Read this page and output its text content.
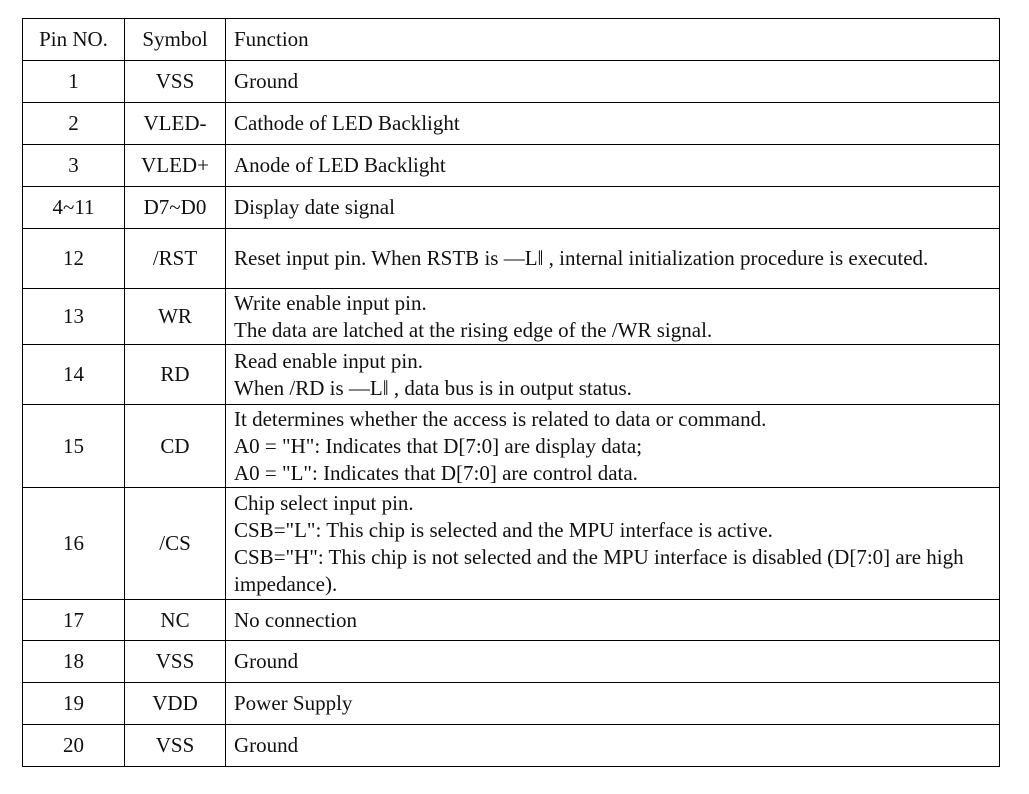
Pin NO.	Symbol	Function
1	VSS	Ground

2	VLED-	Cathode of LED Backlight

3	VLED+	Anode of LED Backlight

4~11	D7~D0	Display date signal

12	/RST	Reset input pin. When RSTB is —L‖ , internal initialization procedure is executed.

13	WR	Write enable input pin.
The data are latched at the rising edge of the /WR signal.

14	RD	Read enable input pin.
When /RD is —L‖ , data bus is in output status.

15	CD	It determines whether the access is related to data or command.
A0 = "H": Indicates that D[7:0] are display data;
A0 = "L": Indicates that D[7:0] are control data.

16	/CS	Chip select input pin.
CSB="L": This chip is selected and the MPU interface is active.
CSB="H": This chip is not selected and the MPU interface is disabled (D[7:0] are high impedance).

17	NC	No connection

18	VSS	Ground

19	VDD	Power Supply

20	VSS	Ground
